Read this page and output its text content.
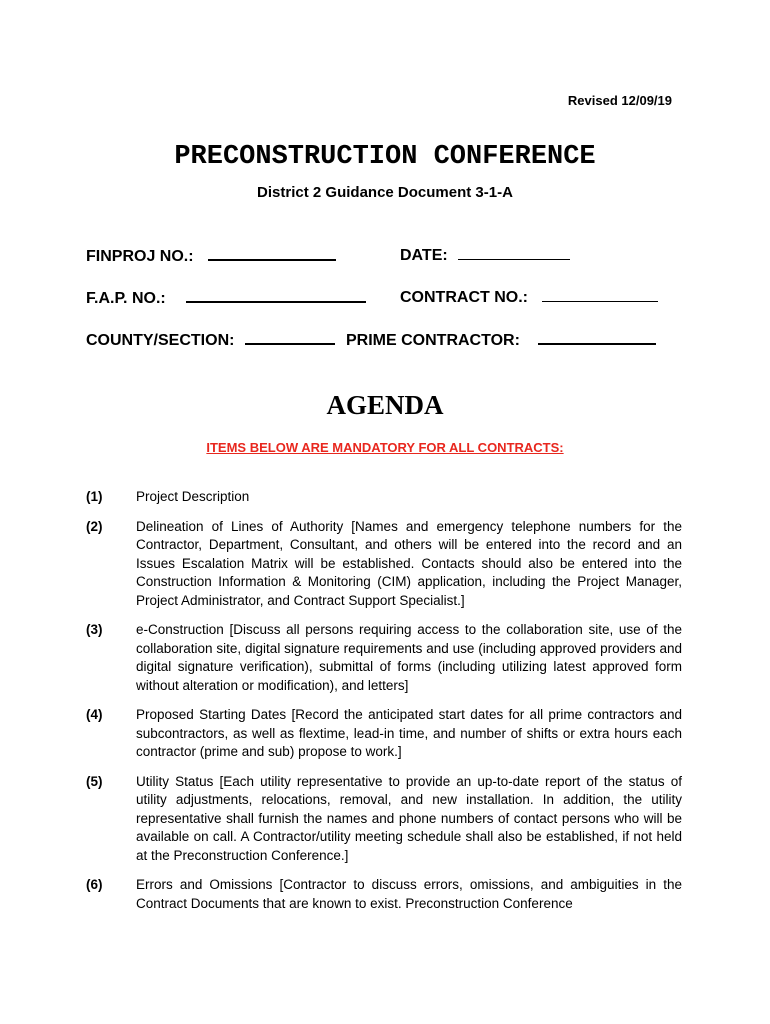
Revised 12/09/19
PRECONSTRUCTION CONFERENCE
District 2 Guidance Document 3-1-A
FINPROJ NO.:	DATE:
F.A.P. NO.:	CONTRACT NO.:
COUNTY/SECTION:	PRIME CONTRACTOR:
AGENDA
ITEMS BELOW ARE MANDATORY FOR ALL CONTRACTS:
(1)	Project Description
(2)	Delineation of Lines of Authority [Names and emergency telephone numbers for the Contractor, Department, Consultant, and others will be entered into the record and an Issues Escalation Matrix will be established. Contacts should also be entered into the Construction Information & Monitoring (CIM) application, including the Project Manager, Project Administrator, and Contract Support Specialist.]
(3)	e-Construction [Discuss all persons requiring access to the collaboration site, use of the collaboration site, digital signature requirements and use (including approved providers and digital signature verification), submittal of forms (including utilizing latest approved form without alteration or modification), and letters]
(4)	Proposed Starting Dates [Record the anticipated start dates for all prime contractors and subcontractors, as well as flextime, lead-in time, and number of shifts or extra hours each contractor (prime and sub) propose to work.]
(5)	Utility Status [Each utility representative to provide an up-to-date report of the status of utility adjustments, relocations, removal, and new installation. In addition, the utility representative shall furnish the names and phone numbers of contact persons who will be available on call. A Contractor/utility meeting schedule shall also be established, if not held at the Preconstruction Conference.]
(6)	Errors and Omissions [Contractor to discuss errors, omissions, and ambiguities in the Contract Documents that are known to exist. Preconstruction Conference
